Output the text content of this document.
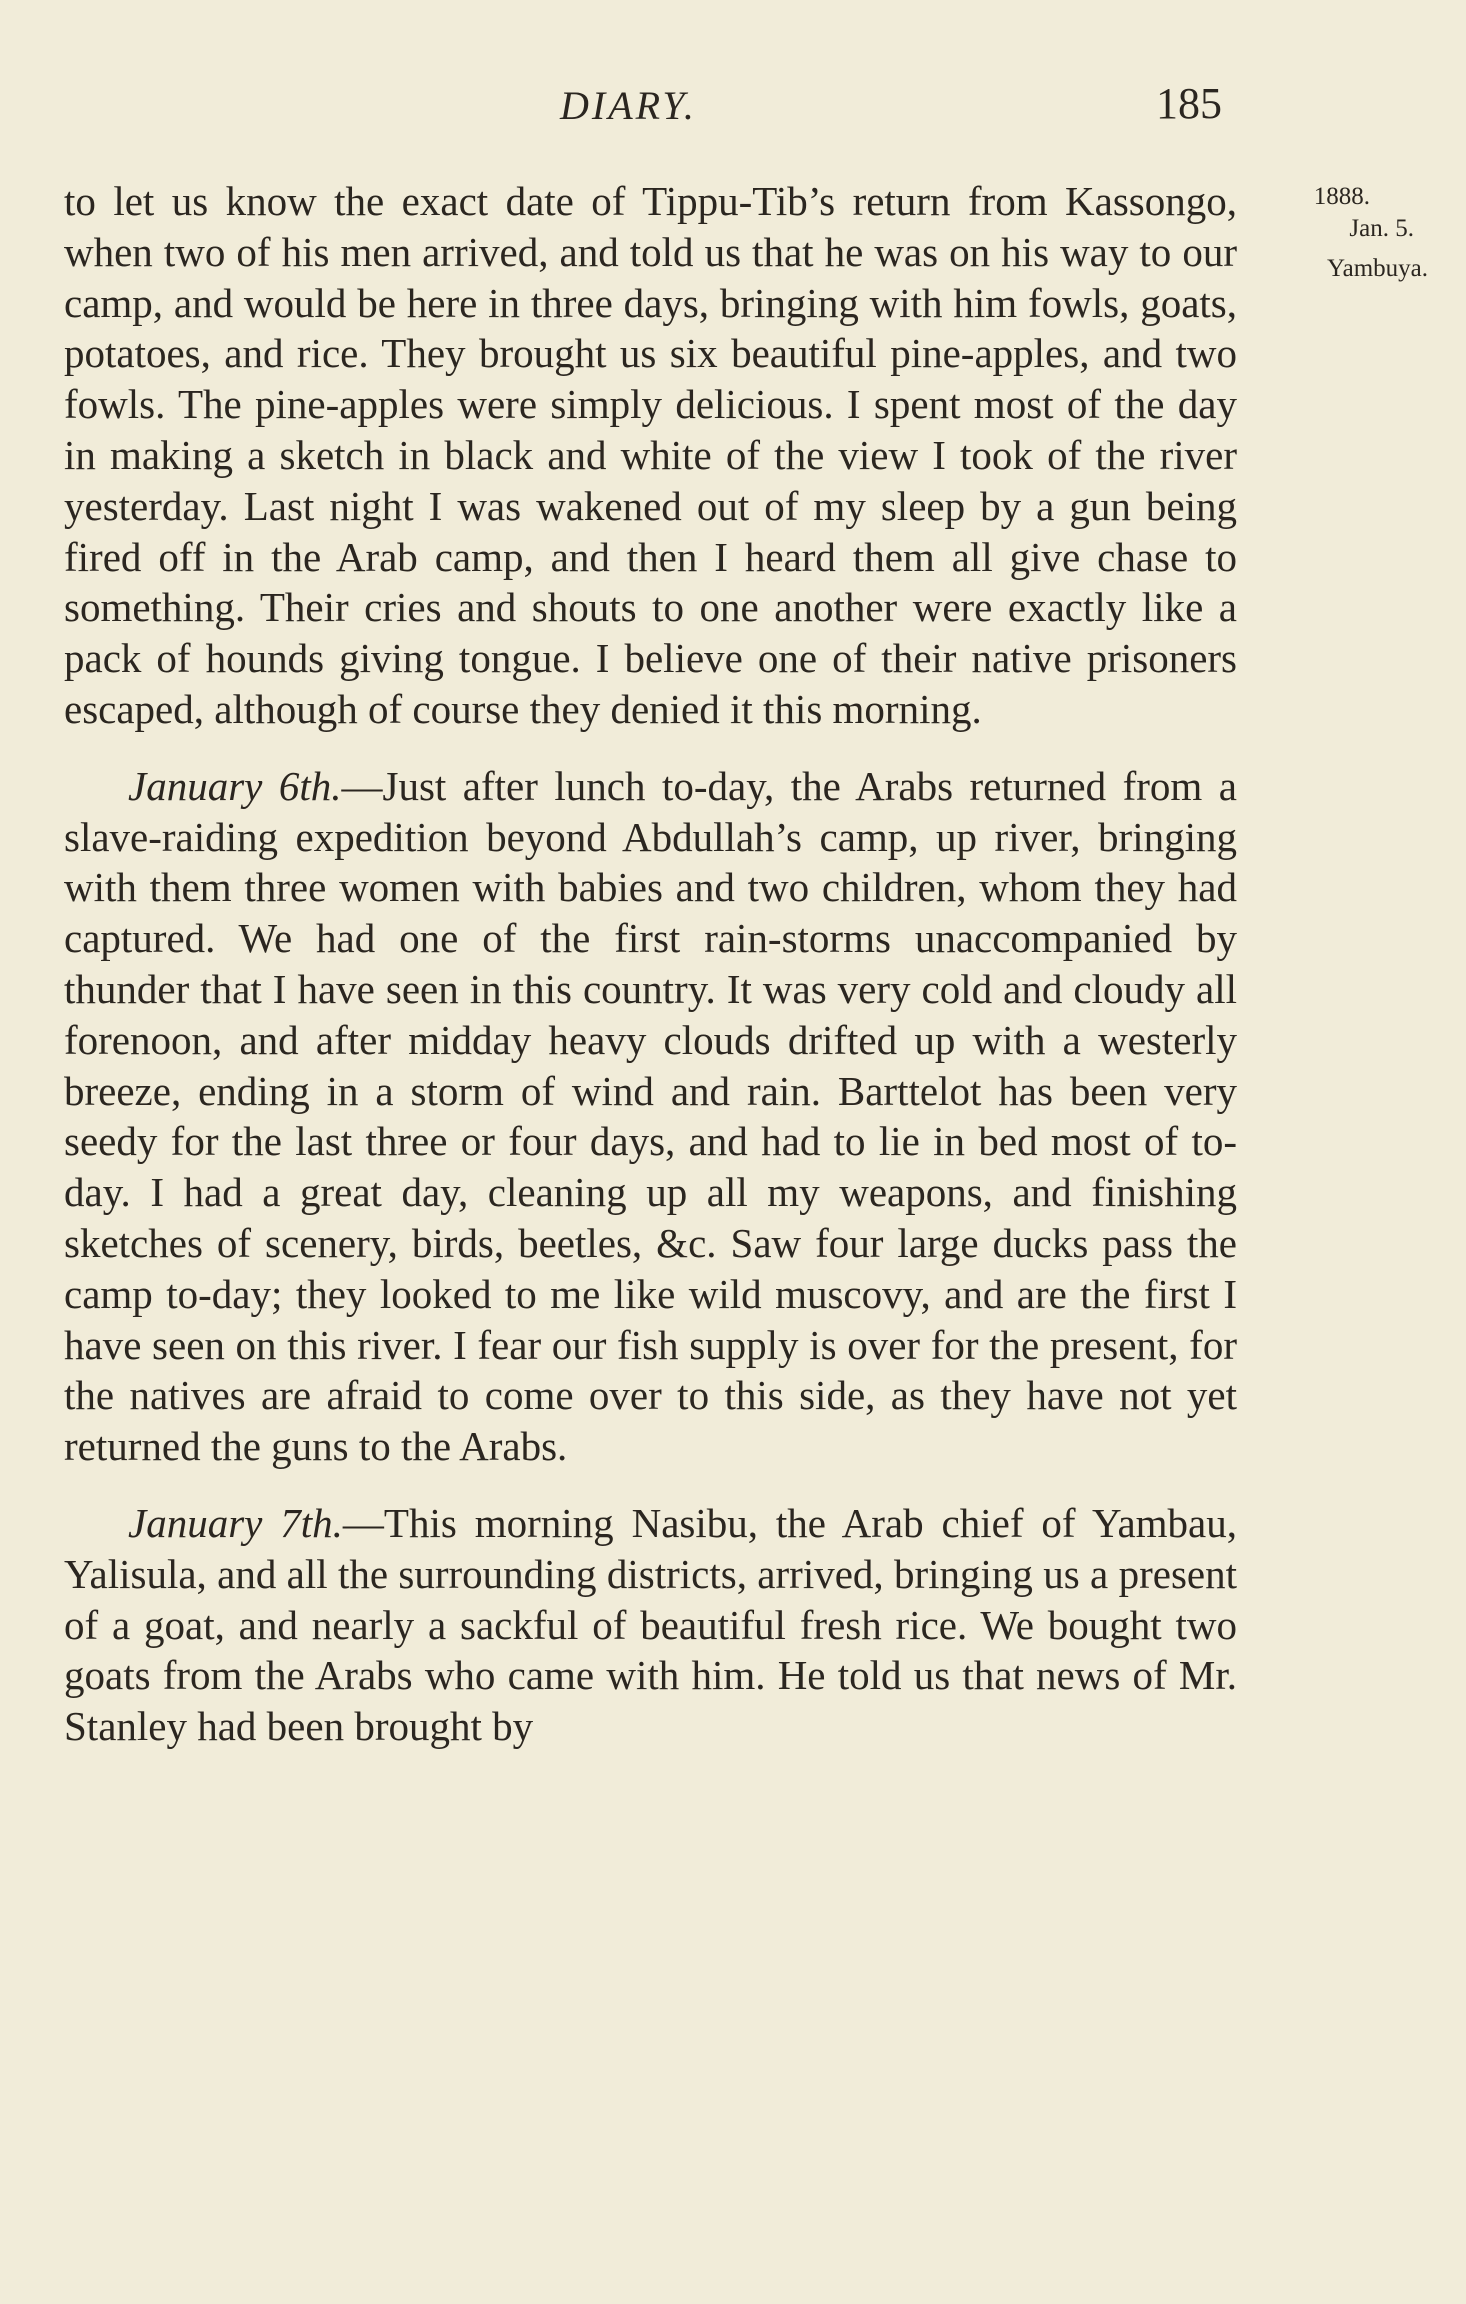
DIARY.	185
1888.
Jan. 5.
Yambuya.

to let us know the exact date of Tippu-Tib’s return from Kassongo, when two of his men arrived, and told us that he was on his way to our camp, and would be here in three days, bringing with him fowls, goats, potatoes, and rice. They brought us six beautiful pine-apples, and two fowls. The pine-apples were simply delicious. I spent most of the day in making a sketch in black and white of the view I took of the river yesterday. Last night I was wakened out of my sleep by a gun being fired off in the Arab camp, and then I heard them all give chase to something. Their cries and shouts to one another were exactly like a pack of hounds giving tongue. I believe one of their native prisoners escaped, although of course they denied it this morning.

January 6th.—Just after lunch to-day, the Arabs returned from a slave-raiding expedition beyond Abdullah’s camp, up river, bringing with them three women with babies and two children, whom they had captured. We had one of the first rain-storms unaccompanied by thunder that I have seen in this country. It was very cold and cloudy all forenoon, and after midday heavy clouds drifted up with a westerly breeze, ending in a storm of wind and rain. Barttelot has been very seedy for the last three or four days, and had to lie in bed most of to-day. I had a great day, cleaning up all my weapons, and finishing sketches of scenery, birds, beetles, &c. Saw four large ducks pass the camp to-day; they looked to me like wild muscovy, and are the first I have seen on this river. I fear our fish supply is over for the present, for the natives are afraid to come over to this side, as they have not yet returned the guns to the Arabs.

January 7th.—This morning Nasibu, the Arab chief of Yambau, Yalisula, and all the surrounding districts, arrived, bringing us a present of a goat, and nearly a sackful of beautiful fresh rice. We bought two goats from the Arabs who came with him. He told us that news of Mr. Stanley had been brought by
